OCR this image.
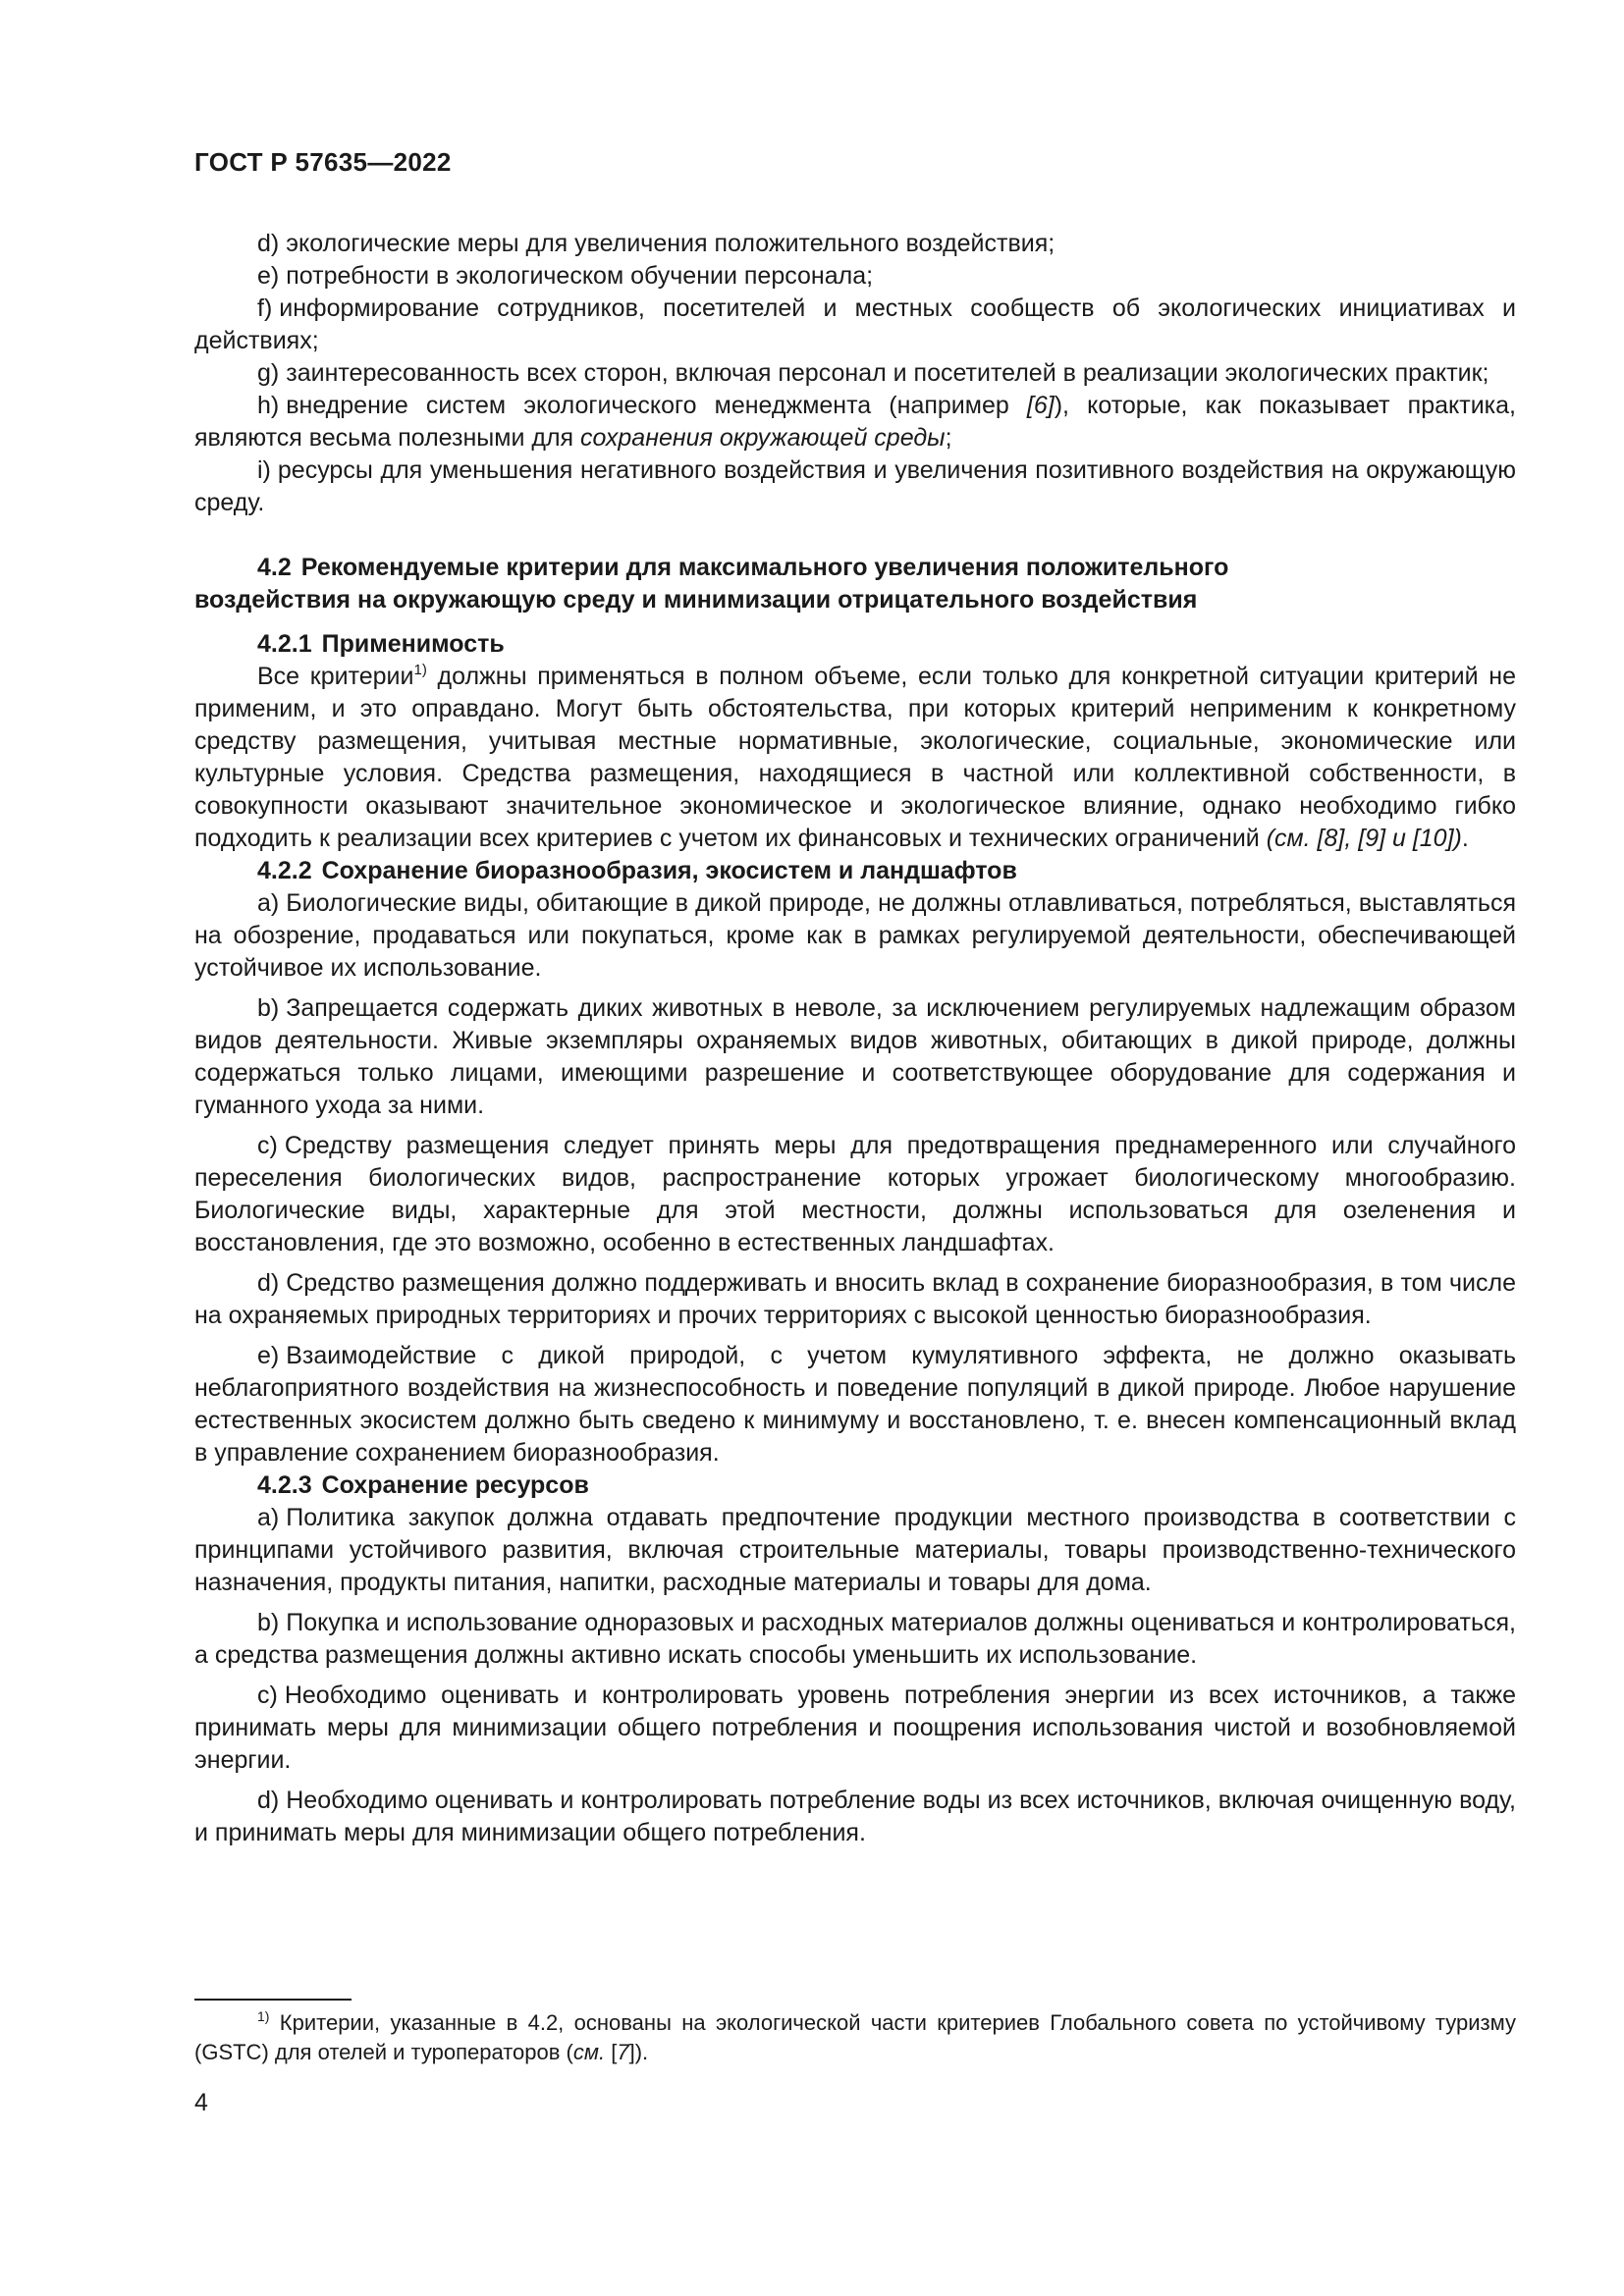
ГОСТ Р 57635—2022

d) экологические меры для увеличения положительного воздействия;

е) потребности в экологическом обучении персонала;

f) информирование сотрудников, посетителей и местных сообществ об экологических инициативах и действиях;

g) заинтересованность всех сторон, включая персонал и посетителей в реализации экологических практик;

h) внедрение систем экологического менеджмента (например [6]), которые, как показывает практика, являются весьма полезными для сохранения окружающей среды;

i) ресурсы для уменьшения негативного воздействия и увеличения позитивного воздействия на окружающую среду.

4.2 Рекомендуемые критерии для максимального увеличения положительного
воздействия на окружающую среду и минимизации отрицательного воздействия

4.2.1 Применимость

Все критерии$^{1)}$ должны применяться в полном объеме, если только для конкретной ситуации критерий не применим, и это оправдано. Могут быть обстоятельства, при которых критерий неприменим к конкретному средству размещения, учитывая местные нормативные, экологические, социальные, экономические или культурные условия. Средства размещения, находящиеся в частной или коллективной собственности, в совокупности оказывают значительное экономическое и экологическое влияние, однако необходимо гибко подходить к реализации всех критериев с учетом их финансовых и технических ограничений (см. [8], [9] и [10]).

4.2.2 Сохранение биоразнообразия, экосистем и ландшафтов

а) Биологические виды, обитающие в дикой природе, не должны отлавливаться, потребляться, выставляться на обозрение, продаваться или покупаться, кроме как в рамках регулируемой деятельности, обеспечивающей устойчивое их использование.

b) Запрещается содержать диких животных в неволе, за исключением регулируемых надлежащим образом видов деятельности. Живые экземпляры охраняемых видов животных, обитающих в дикой природе, должны содержаться только лицами, имеющими разрешение и соответствующее оборудование для содержания и гуманного ухода за ними.

с) Средству размещения следует принять меры для предотвращения преднамеренного или случайного переселения биологических видов, распространение которых угрожает биологическому многообразию. Биологические виды, характерные для этой местности, должны использоваться для озеленения и восстановления, где это возможно, особенно в естественных ландшафтах.

d) Средство размещения должно поддерживать и вносить вклад в сохранение биоразнообразия, в том числе на охраняемых природных территориях и прочих территориях с высокой ценностью биоразнообразия.

е) Взаимодействие с дикой природой, с учетом кумулятивного эффекта, не должно оказывать неблагоприятного воздействия на жизнеспособность и поведение популяций в дикой природе. Любое нарушение естественных экосистем должно быть сведено к минимуму и восстановлено, т. е. внесен компенсационный вклад в управление сохранением биоразнообразия.

4.2.3 Сохранение ресурсов

а) Политика закупок должна отдавать предпочтение продукции местного производства в соответствии с принципами устойчивого развития, включая строительные материалы, товары производственно-технического назначения, продукты питания, напитки, расходные материалы и товары для дома.

b) Покупка и использование одноразовых и расходных материалов должны оцениваться и контролироваться, а средства размещения должны активно искать способы уменьшить их использование.

с) Необходимо оценивать и контролировать уровень потребления энергии из всех источников, а также принимать меры для минимизации общего потребления и поощрения использования чистой и возобновляемой энергии.

d) Необходимо оценивать и контролировать потребление воды из всех источников, включая очищенную воду, и принимать меры для минимизации общего потребления.

$^{1)}$ Критерии, указанные в 4.2, основаны на экологической части критериев Глобального совета по устойчивому туризму (GSTC) для отелей и туроператоров (см. [7]).
4
